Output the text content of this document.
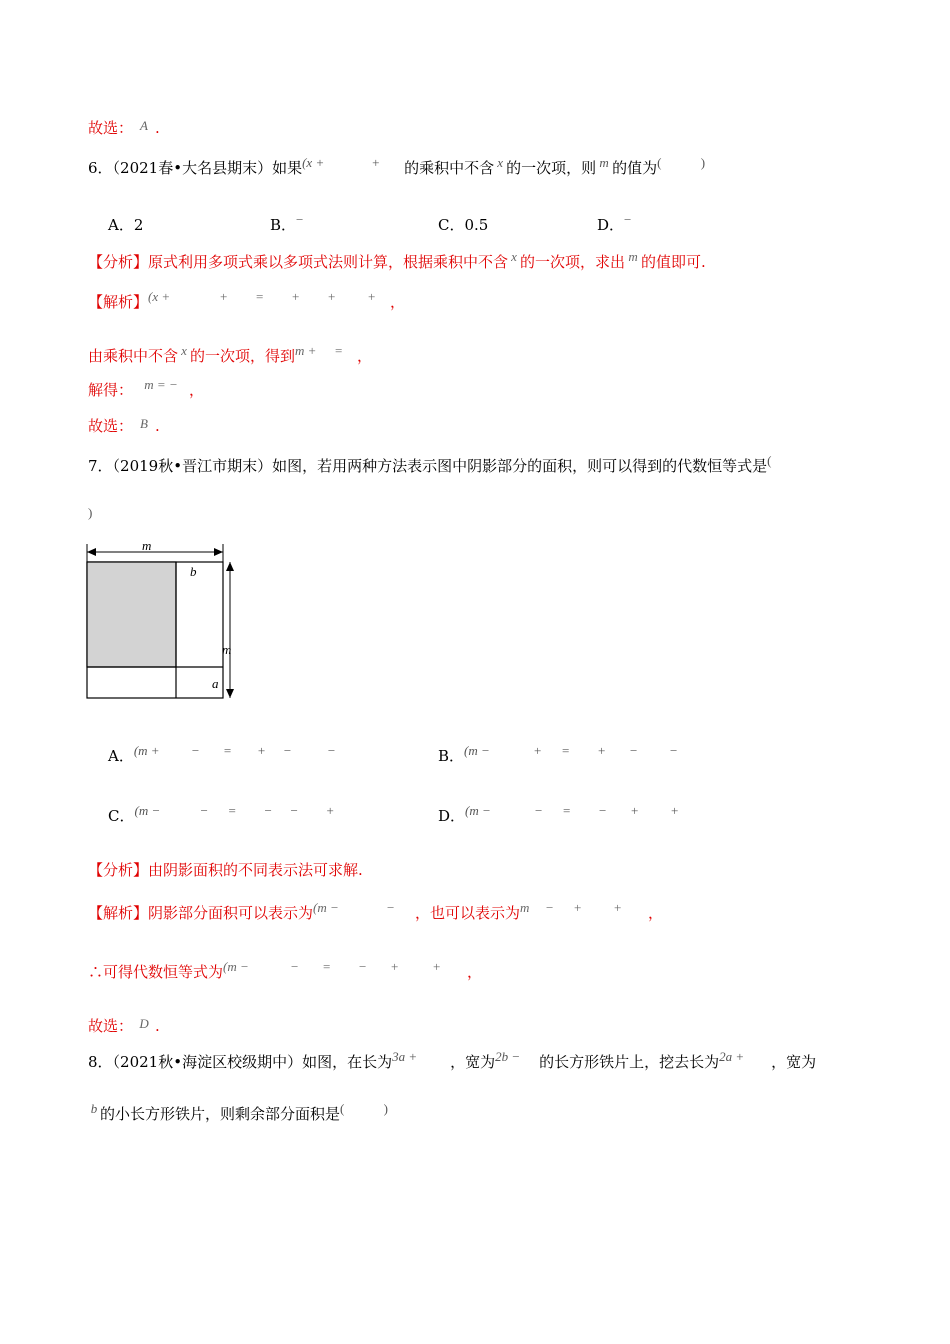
故选： A .
6．（2021春•大名县期末）如果(x +	+ 的乘积中不含 x 的一次项，则 m 的值为(	)
A．2	B．−	C．0.5	D．−
【分析】原式利用多项式乘以多项式法则计算，根据乘积中不含 x 的一次项，求出 m 的值即可.
【解析】(x +	+ = + +	+ ，
由乘积中不含 x 的一次项，得到m + = ，
解得： m = − ，
故选： B .
7．（2019秋•晋江市期末）如图，若用两种方法表示图中阴影部分的面积，则可以得到的代数恒等式是(
)
m
b
m
a
A．(m + − = + −	−	B．(m −	+ = + −	−
C．(m −	− = − − +	D．(m −	− = − +	+
【分析】由阴影面积的不同表示法可求解.
【解析】阴影部分面积可以表示为(m −	− ，也可以表示为m − +	+ ，
∴可得代数恒等式为(m −	− = − +	+ ，
故选： D .
8．（2021秋•海淀区校级期中）如图，在长为3a + ，宽为2b − 的长方形铁片上，挖去长为2a + ，宽为
b 的小长方形铁片，则剩余部分面积是(	)
